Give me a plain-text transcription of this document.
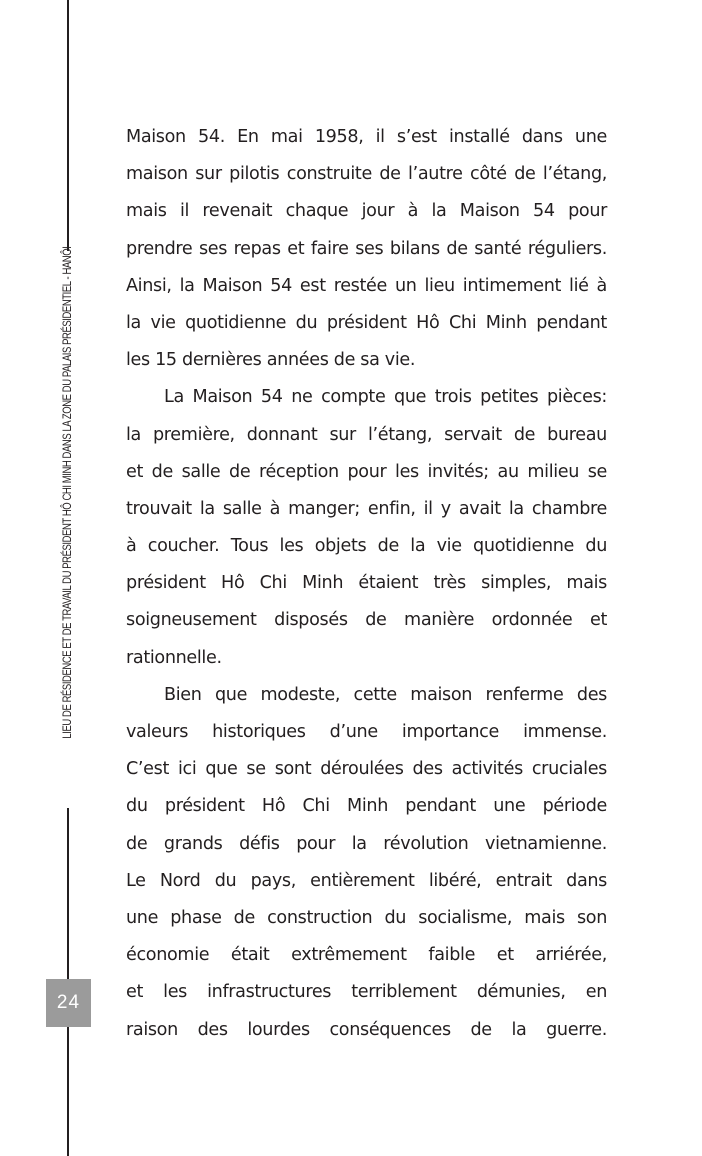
LIEU DE RÉSIDENCE ET DE TRAVAIL DU PRÉSIDENT HÔ CHI MINH DANS LA ZONE DU PALAIS PRÉSIDENTIEL - HANÔI
24
Maison 54. En mai 1958, il s’est installé dans une
maison sur pilotis construite de l’autre côté de l’étang,
mais il revenait chaque jour à la Maison 54 pour
prendre ses repas et faire ses bilans de santé réguliers.
Ainsi, la Maison 54 est restée un lieu intimement lié à
la vie quotidienne du président Hô Chi Minh pendant
les 15 dernières années de sa vie.
La Maison 54 ne compte que trois petites pièces:
la première, donnant sur l’étang, servait de bureau
et de salle de réception pour les invités; au milieu se
trouvait la salle à manger; enfin, il y avait la chambre
à coucher. Tous les objets de la vie quotidienne du
président Hô Chi Minh étaient très simples, mais
soigneusement disposés de manière ordonnée et
rationnelle.
Bien que modeste, cette maison renferme des
valeurs historiques d’une importance immense.
C’est ici que se sont déroulées des activités cruciales
du président Hô Chi Minh pendant une période
de grands défis pour la révolution vietnamienne.
Le Nord du pays, entièrement libéré, entrait dans
une phase de construction du socialisme, mais son
économie était extrêmement faible et arriérée,
et les infrastructures terriblement démunies, en
raison des lourdes conséquences de la guerre.
